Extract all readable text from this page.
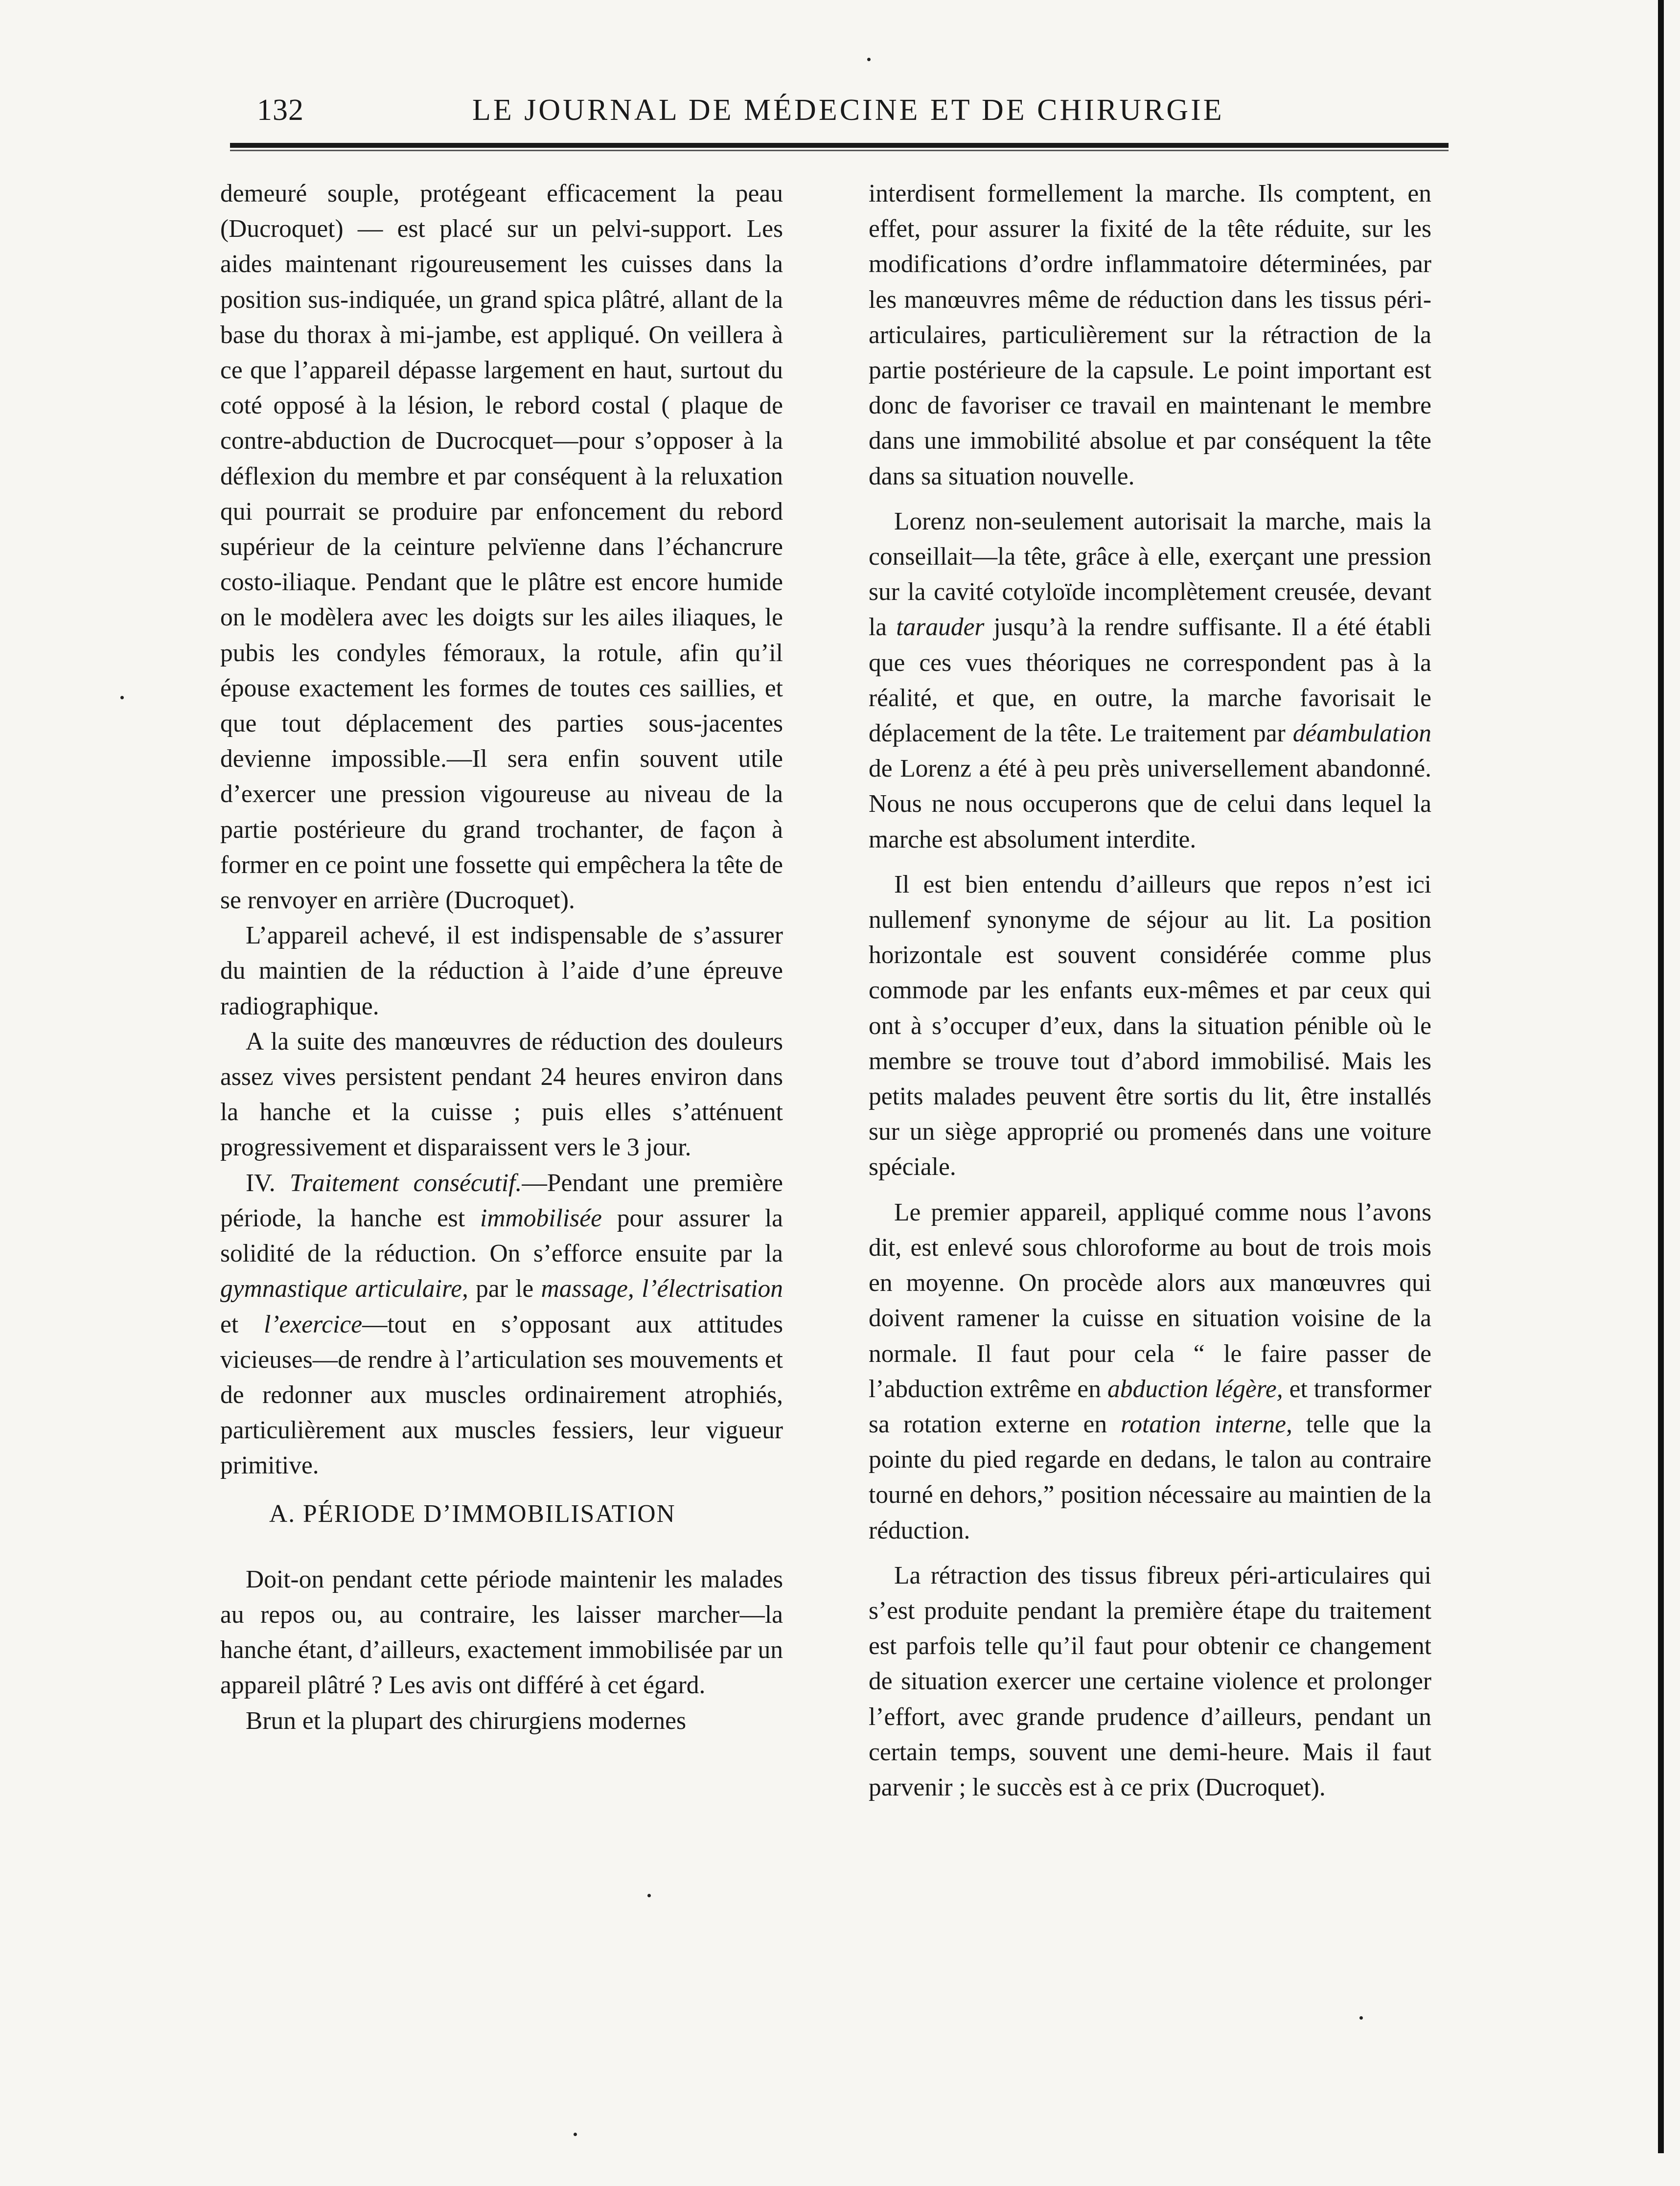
132	LE JOURNAL DE MÉDECINE ET DE CHIRURGIE

demeuré souple, protégeant efficacement la peau (Ducroquet) — est placé sur un pelvi-support. Les aides maintenant rigoureusement les cuisses dans la position sus-indiquée, un grand spica plâtré, allant de la base du thorax à mi-jambe, est appliqué. On veillera à ce que l’appareil dépasse largement en haut, surtout du coté opposé à la lésion, le rebord costal ( plaque de contre-abduction de Ducrocquet—pour s’opposer à la déflexion du membre et par conséquent à la reluxation qui pourrait se produire par enfoncement du rebord supérieur de la ceinture pelvïenne dans l’échancrure costo-iliaque. Pendant que le plâtre est encore humide on le modèlera avec les doigts sur les ailes iliaques, le pubis les condyles fémoraux, la rotule, afin qu’il épouse exactement les formes de toutes ces saillies, et que tout déplacement des parties sous-jacentes devienne impossible.—Il sera enfin souvent utile d’exercer une pression vigoureuse au niveau de la partie postérieure du grand trochanter, de façon à former en ce point une fossette qui empêchera la tête de se renvoyer en arrière (Ducroquet).

L’appareil achevé, il est indispensable de s’assurer du maintien de la réduction à l’aide d’une épreuve radiographique.

A la suite des manœuvres de réduction des douleurs assez vives persistent pendant 24 heures environ dans la hanche et la cuisse ; puis elles s’atténuent progressivement et disparaissent vers le 3 jour.

IV. Traitement consécutif.—Pendant une première période, la hanche est immobilisée pour assurer la solidité de la réduction. On s’efforce ensuite par la gymnastique articulaire, par le massage, l’électrisation et l’exercice—tout en s’opposant aux attitudes vicieuses—de rendre à l’articulation ses mouvements et de redonner aux muscles ordinairement atrophiés, particulièrement aux muscles fessiers, leur vigueur primitive.

A. PÉRIODE D’IMMOBILISATION

Doit-on pendant cette période maintenir les malades au repos ou, au contraire, les laisser marcher—la hanche étant, d’ailleurs, exactement immobilisée par un appareil plâtré ? Les avis ont différé à cet égard.

Brun et la plupart des chirurgiens modernes

interdisent formellement la marche. Ils comptent, en effet, pour assurer la fixité de la tête réduite, sur les modifications d’ordre inflammatoire déterminées, par les manœuvres même de réduction dans les tissus péri-articulaires, particulièrement sur la rétraction de la partie postérieure de la capsule. Le point important est donc de favoriser ce travail en maintenant le membre dans une immobilité absolue et par conséquent la tête dans sa situation nouvelle.

Lorenz non-seulement autorisait la marche, mais la conseillait—la tête, grâce à elle, exerçant une pression sur la cavité cotyloïde incomplètement creusée, devant la tarauder jusqu’à la rendre suffisante. Il a été établi que ces vues théoriques ne correspondent pas à la réalité, et que, en outre, la marche favorisait le déplacement de la tête. Le traitement par déambulation de Lorenz a été à peu près universellement abandonné. Nous ne nous occuperons que de celui dans lequel la marche est absolument interdite.

Il est bien entendu d’ailleurs que repos n’est ici nullemenf synonyme de séjour au lit. La position horizontale est souvent considérée comme plus commode par les enfants eux-mêmes et par ceux qui ont à s’occuper d’eux, dans la situation pénible où le membre se trouve tout d’abord immobilisé. Mais les petits malades peuvent être sortis du lit, être installés sur un siège approprié ou promenés dans une voiture spéciale.

Le premier appareil, appliqué comme nous l’avons dit, est enlevé sous chloroforme au bout de trois mois en moyenne. On procède alors aux manœuvres qui doivent ramener la cuisse en situation voisine de la normale. Il faut pour cela “ le faire passer de l’abduction extrême en abduction légère, et transformer sa rotation externe en rotation interne, telle que la pointe du pied regarde en dedans, le talon au contraire tourné en dehors,” position nécessaire au maintien de la réduction.

La rétraction des tissus fibreux péri-articulaires qui s’est produite pendant la première étape du traitement est parfois telle qu’il faut pour obtenir ce changement de situation exercer une certaine violence et prolonger l’effort, avec grande prudence d’ailleurs, pendant un certain temps, souvent une demi-heure. Mais il faut parvenir ; le succès est à ce prix (Ducroquet).
